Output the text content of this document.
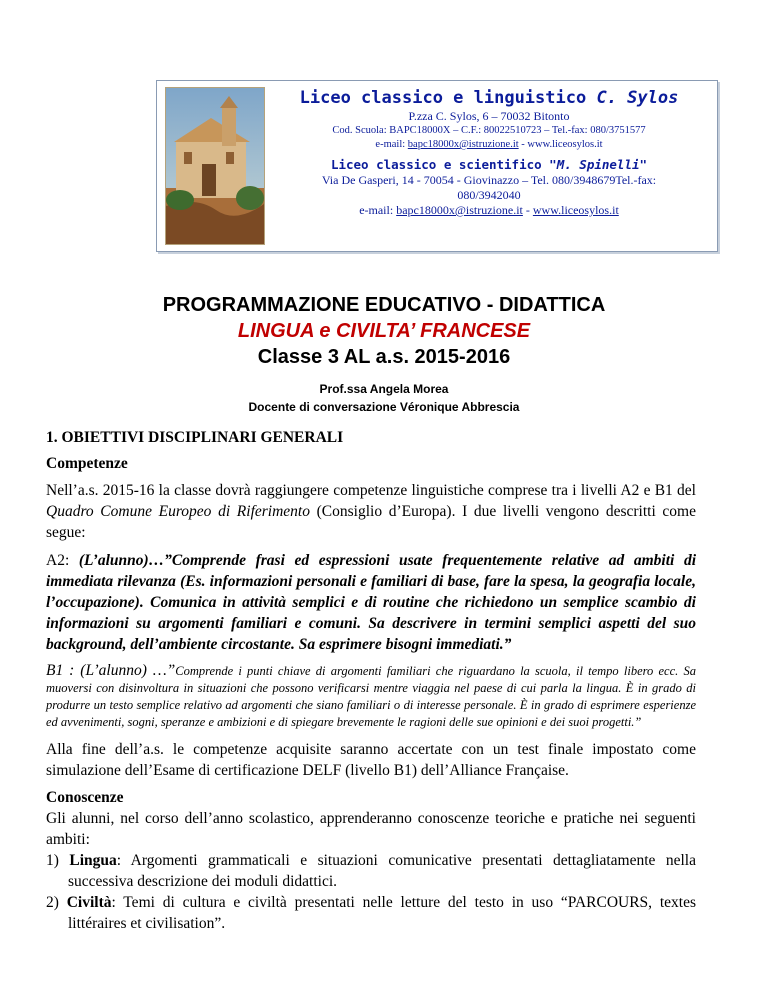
Liceo classico e linguistico C. Sylos

P.zza C. Sylos, 6 – 70032 Bitonto

Cod. Scuola: BAPC18000X – C.F.: 80022510723 – Tel.-fax: 080/3751577

e-mail: bapc18000x@istruzione.it - www.liceosylos.it

Liceo classico e scientifico "M. Spinelli"

Via De Gasperi, 14 - 70054 - Giovinazzo – Tel. 080/3948679Tel.-fax:

080/3942040

e-mail: bapc18000x@istruzione.it - www.liceosylos.it

PROGRAMMAZIONE EDUCATIVO - DIDATTICA

LINGUA e CIVILTA’ FRANCESE

Classe 3 AL a.s. 2015-2016

Prof.ssa Angela Morea

Docente di conversazione Véronique Abbrescia

1. OBIETTIVI DISCIPLINARI GENERALI

Competenze

Nell’a.s. 2015-16 la classe dovrà raggiungere competenze linguistiche comprese tra i livelli A2 e B1 del Quadro Comune Europeo di Riferimento (Consiglio d’Europa). I due livelli vengono descritti come segue:

A2: (L’alunno)…”Comprende frasi ed espressioni usate frequentemente relative ad ambiti di immediata rilevanza (Es. informazioni personali e familiari di base, fare la spesa, la geografia locale, l’occupazione). Comunica in attività semplici e di routine che richiedono un semplice scambio di informazioni su argomenti familiari e comuni. Sa descrivere in termini semplici aspetti del suo background, dell’ambiente circostante. Sa esprimere bisogni immediati.”

B1 : (L’alunno) …”Comprende i punti chiave di argomenti familiari che riguardano la scuola, il tempo libero ecc. Sa muoversi con disinvoltura in situazioni che possono verificarsi mentre viaggia nel paese di cui parla la lingua. È in grado di produrre un testo semplice relativo ad argomenti che siano familiari o di interesse personale. È in grado di esprimere esperienze ed avvenimenti, sogni, speranze e ambizioni e di spiegare brevemente le ragioni delle sue opinioni e dei suoi progetti.”

Alla fine dell’a.s. le competenze acquisite saranno accertate con un test finale impostato come simulazione dell’Esame di certificazione DELF (livello B1) dell’Alliance Française.

Conoscenze

Gli alunni, nel corso dell’anno scolastico, apprenderanno conoscenze teoriche e pratiche nei seguenti ambiti:

1) Lingua: Argomenti grammaticali e situazioni comunicative presentati dettagliatamente nella successiva descrizione dei moduli didattici.
2) Civiltà: Temi di cultura e civiltà presentati nelle letture del testo in uso “PARCOURS, textes littéraires et civilisation”.
